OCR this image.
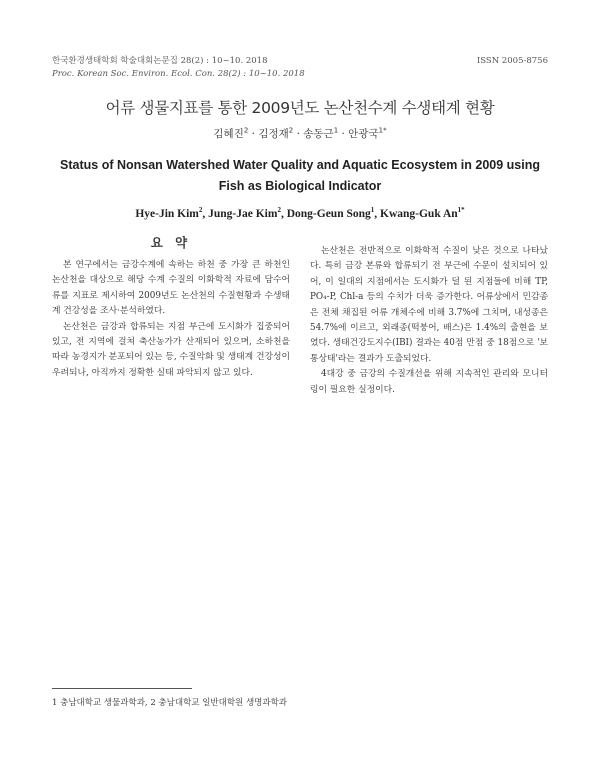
한국환경생태학회 학술대회논문집 28(2) : 10~10. 2018	ISSN 2005-8756
Proc. Korean Soc. Environ. Ecol. Con. 28(2) : 10~10. 2018
어류 생물지표를 통한 2009년도 논산천수계 수생태계 현황
김혜진$^2$ · 김정재$^2$ · 송동근$^1$ · 안광국$^{1*}$
Status of Nonsan Watershed Water Quality and Aquatic Ecosystem in 2009 using Fish as Biological Indicator
Hye-Jin Kim$^2$, Jung-Jae Kim$^2$, Dong-Geun Song$^1$, Kwang-Guk $An^{1*}$
요 약

본 연구에서는 금강수계에 속하는 하천 중 가장 큰 하천인 논산천을 대상으로 해당 수계 수질의 이화학적 자료에 담수어류를 지표로 제시하여 2009년도 논산천의 수질현황과 수생태계 건강성을 조사·분석하였다.

논산천은 금강과 합류되는 지점 부근에 도시화가 집중되어 있고, 전 지역에 걸쳐 축산농가가 산재되어 있으며, 소하천을 따라 농경지가 분포되어 있는 등, 수질악화 및 생태계 건강성이 우려되나, 아직까지 정확한 실태 파악되지 않고 있다.

논산천은 전반적으로 이화학적 수질이 낮은 것으로 나타났다. 특히 금강 본류와 합류되기 전 부근에 수문이 설치되어 있어, 이 일대의 지점에서는 도시화가 덜 된 지점들에 비해 TP, PO₄-P, Chl-a 등의 수치가 더욱 증가한다. 어류상에서 민감종은 전체 채집된 어류 개체수에 비해 3.7%에 그치며, 내성종은 54.7%에 이르고, 외래종(떡붕어, 배스)은 1.4%의 출현을 보였다. 생태건강도지수(IBI) 결과는 40점 만점 중 18점으로 '보통상태'라는 결과가 도출되었다.

4대강 중 금강의 수질개선을 위해 지속적인 관리와 모니터링이 필요한 실정이다.

1 충남대학교 생물과학과, 2 충남대학교 일반대학원 생명과학과
